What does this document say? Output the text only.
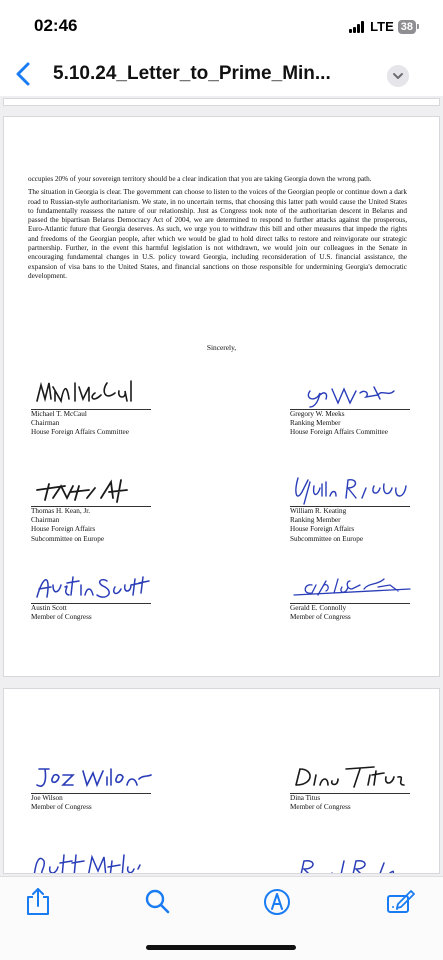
02:46	LTE 38
5.10.24_Letter_to_Prime_Min...

occupies 20% of your sovereign territory should be a clear indication that you are taking Georgia down the wrong path.

The situation in Georgia is clear. The government can choose to listen to the voices of the Georgian people or continue down a dark road to Russian-style authoritarianism. We state, in no uncertain terms, that choosing this latter path would cause the United States to fundamentally reassess the nature of our relationship. Just as Congress took note of the authoritarian descent in Belarus and passed the bipartisan Belarus Democracy Act of 2004, we are determined to respond to further attacks against the prosperous, Euro-Atlantic future that Georgia deserves. As such, we urge you to withdraw this bill and other measures that impede the rights and freedoms of the Georgian people, after which we would be glad to hold direct talks to restore and reinvigorate our strategic partnership. Further, in the event this harmful legislation is not withdrawn, we would join our colleagues in the Senate in encouraging fundamental changes in U.S. policy toward Georgia, including reconsideration of U.S. financial assistance, the expansion of visa bans to the United States, and financial sanctions on those responsible for undermining Georgia's democratic development.

Sincerely,
Michael T. McCaul
Chairman
House Foreign Affairs Committee
Gregory W. Meeks
Ranking Member
House Foreign Affairs Committee
Thomas H. Kean, Jr.
Chairman
House Foreign Affairs
Subcommittee on Europe
William R. Keating
Ranking Member
House Foreign Affairs
Subcommittee on Europe
Austin Scott
Member of Congress
Gerald E. Connolly
Member of Congress
Joe Wilson
Member of Congress
Dina Titus
Member of Congress
